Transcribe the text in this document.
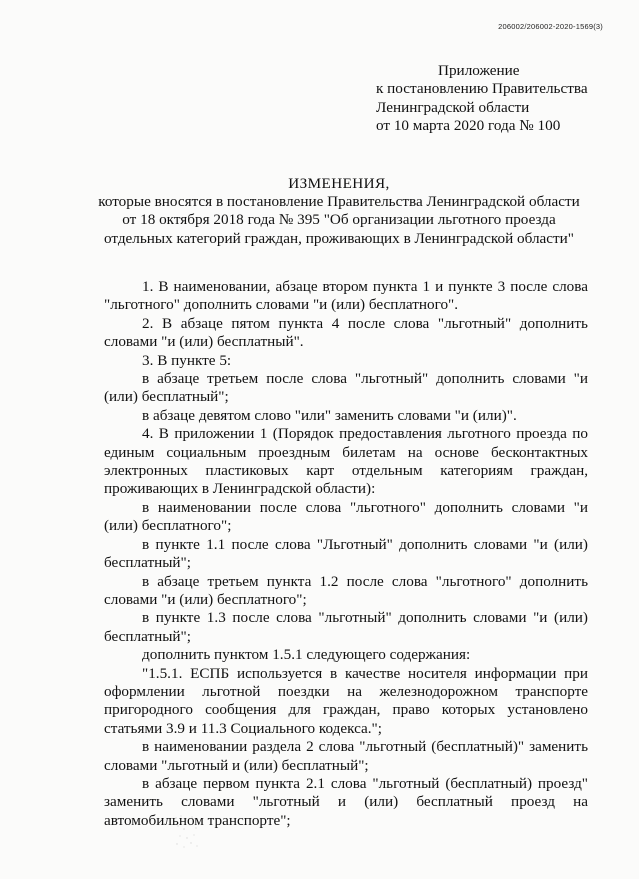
206002/206002-2020-1569(3)
Приложение
к постановлению Правительства
Ленинградской области
от 10 марта 2020 года № 100
ИЗМЕНЕНИЯ,
которые вносятся в постановление Правительства Ленинградской области
от 18 октября 2018 года № 395 "Об организации льготного проезда
отдельных категорий граждан, проживающих в Ленинградской области"

1. В наименовании, абзаце втором пункта 1 и пункте 3 после слова "льготного" дополнить словами "и (или) бесплатного".

2. В абзаце пятом пункта 4 после слова "льготный" дополнить словами "и (или) бесплатный".

3. В пункте 5:

в абзаце третьем после слова "льготный" дополнить словами "и (или) бесплатный";

в абзаце девятом слово "или" заменить словами "и (или)".

4. В приложении 1 (Порядок предоставления льготного проезда по единым социальным проездным билетам на основе бесконтактных электронных пластиковых карт отдельным категориям граждан, проживающих в Ленинградской области):

в наименовании после слова "льготного" дополнить словами "и (или) бесплатного";

в пункте 1.1 после слова "Льготный" дополнить словами "и (или) бесплатный";

в абзаце третьем пункта 1.2 после слова "льготного" дополнить словами "и (или) бесплатного";

в пункте 1.3 после слова "льготный" дополнить словами "и (или) бесплатный";

дополнить пунктом 1.5.1 следующего содержания:

"1.5.1. ЕСПБ используется в качестве носителя информации при оформлении льготной поездки на железнодорожном транспорте пригородного сообщения для граждан, право которых установлено статьями 3.9 и 11.3 Социального кодекса.";

в наименовании раздела 2 слова "льготный (бесплатный)" заменить словами "льготный и (или) бесплатный";

в абзаце первом пункта 2.1 слова "льготный (бесплатный) проезд" заменить словами "льготный и (или) бесплатный проезд на автомобильном транспорте";
